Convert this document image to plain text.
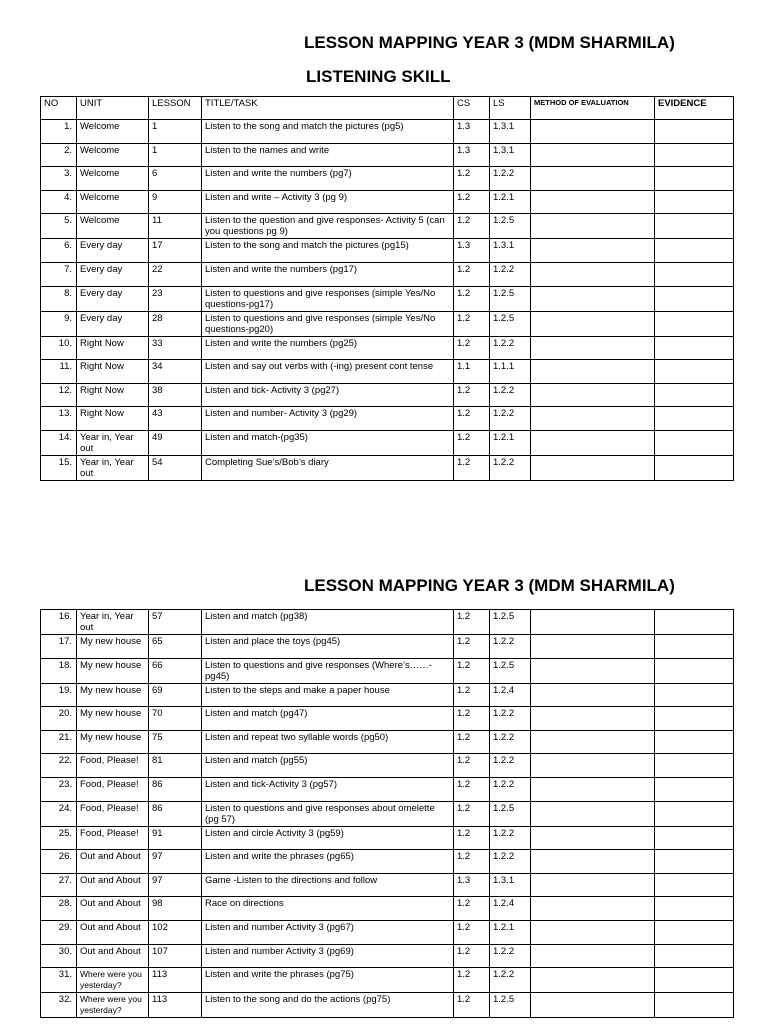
LESSON MAPPING YEAR 3 (MDM SHARMILA)
LISTENING SKILL
NO	UNIT	LESSON	TITLE/TASK	CS	LS	METHOD OF EVALUATION	EVIDENCE
1.	Welcome	1	Listen to the song and match the pictures (pg5)	1.3	1.3.1		
2.	Welcome	1	Listen to the names and write	1.3	1.3.1		
3.	Welcome	6	Listen and write the numbers (pg7)	1.2	1.2.2		
4.	Welcome	9	Listen and write – Activity 3 (pg 9)	1.2	1.2.1		
5.	Welcome	11	Listen to the question and give responses- Activity 5 (can you questions pg 9)	1.2	1.2.5		
6.	Every day	17	Listen to the song and match the pictures (pg15)	1.3	1.3.1		
7.	Every day	22	Listen and write the numbers (pg17)	1.2	1.2.2		
8.	Every day	23	Listen to questions and give responses (simple Yes/No questions-pg17)	1.2	1.2.5		
9.	Every day	28	Listen to questions and give responses (simple Yes/No questions-pg20)	1.2	1.2.5		
10.	Right Now	33	Listen and write the numbers (pg25)	1.2	1.2.2		
11.	Right Now	34	Listen and say out verbs with (-ing) present cont tense	1.1	1.1.1		
12.	Right Now	38	Listen and tick- Activity 3 (pg27)	1.2	1.2.2		
13.	Right Now	43	Listen and number- Activity 3 (pg29)	1.2	1.2.2		
14.	Year in, Year out	49	Listen and match-(pg35)	1.2	1.2.1		
15.	Year in, Year out	54	Completing Sue’s/Bob’s diary	1.2	1.2.2		
LESSON MAPPING YEAR 3 (MDM SHARMILA)
16.	Year in, Year out	57	Listen and match (pg38)	1.2	1.2.5		
17.	My new house	65	Listen and place the toys (pg45)	1.2	1.2.2		
18.	My new house	66	Listen to questions and give responses (Where’s……-pg45)	1.2	1.2.5		
19.	My new house	69	Listen to the steps and make a paper house	1.2	1.2.4		
20.	My new house	70	Listen and match (pg47)	1.2	1.2.2		
21.	My new house	75	Listen and repeat two syllable words (pg50)	1.2	1.2.2		
22.	Food, Please!	81	Listen and match (pg55)	1.2	1.2.2		
23.	Food, Please!	86	Listen and tick-Activity 3 (pg57)	1.2	1.2.2		
24.	Food, Please!	86	Listen to questions and give responses about omelette (pg 57)	1.2	1.2.5		
25.	Food, Please!	91	Listen and circle Activity 3 (pg59)	1.2	1.2.2		
26.	Out and About	97	Listen and write the phrases (pg65)	1.2	1.2.2		
27.	Out and About	97	Game -Listen to the directions and follow	1.3	1.3.1		
28.	Out and About	98	Race on directions	1.2	1.2.4		
29.	Out and About	102	Listen and number Activity 3 (pg67)	1.2	1.2.1		
30.	Out and About	107	Listen and number Activity 3 (pg69)	1.2	1.2.2		
31.	Where were you yesterday?	113	Listen and write the phrases (pg75)	1.2	1.2.2		
32.	Where were you yesterday?	113	Listen to the song and do the actions (pg75)	1.2	1.2.5		
